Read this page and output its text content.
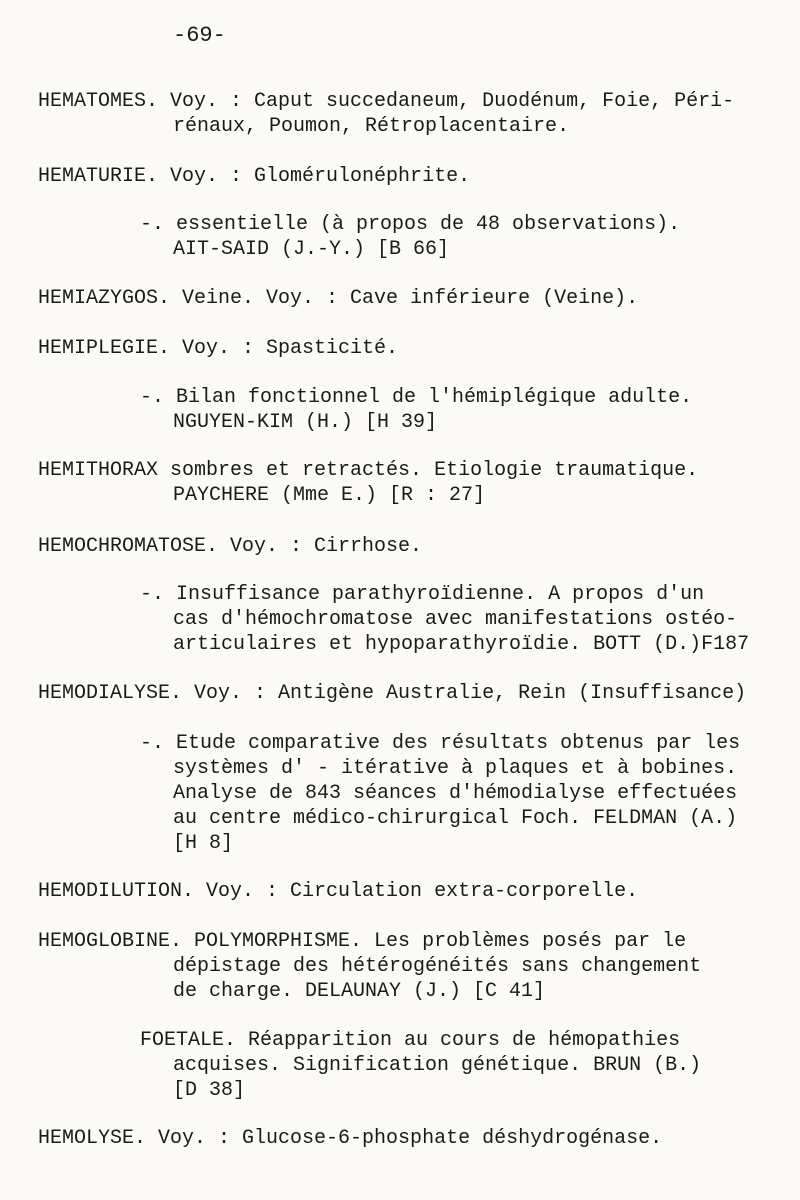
-69-
HEMATOMES. Voy. : Caput succedaneum, Duodénum, Foie, Péri-
rénaux, Poumon, Rétroplacentaire.
HEMATURIE. Voy. : Glomérulonéphrite.
-. essentielle (à propos de 48 observations).
AIT-SAID (J.-Y.) [B 66]
HEMIAZYGOS. Veine. Voy. : Cave inférieure (Veine).
HEMIPLEGIE. Voy. : Spasticité.
-. Bilan fonctionnel de l'hémiplégique adulte.
NGUYEN-KIM (H.) [H 39]
HEMITHORAX sombres et retractés. Etiologie traumatique.
PAYCHERE (Mme E.) [R : 27]
HEMOCHROMATOSE. Voy. : Cirrhose.
-. Insuffisance parathyroïdienne. A propos d'un
cas d'hémochromatose avec manifestations ostéo-
articulaires et hypoparathyroïdie. BOTT (D.)F187
HEMODIALYSE. Voy. : Antigène Australie, Rein (Insuffisance)
-. Etude comparative des résultats obtenus par les
systèmes d' - itérative à plaques et à bobines.
Analyse de 843 séances d'hémodialyse effectuées
au centre médico-chirurgical Foch. FELDMAN (A.)
[H 8]
HEMODILUTION. Voy. : Circulation extra-corporelle.
HEMOGLOBINE. POLYMORPHISME. Les problèmes posés par le
dépistage des hétérogénéités sans changement
de charge. DELAUNAY (J.) [C 41]
FOETALE. Réapparition au cours de hémopathies
acquises. Signification génétique. BRUN (B.)
[D 38]
HEMOLYSE. Voy. : Glucose-6-phosphate déshydrogénase.
